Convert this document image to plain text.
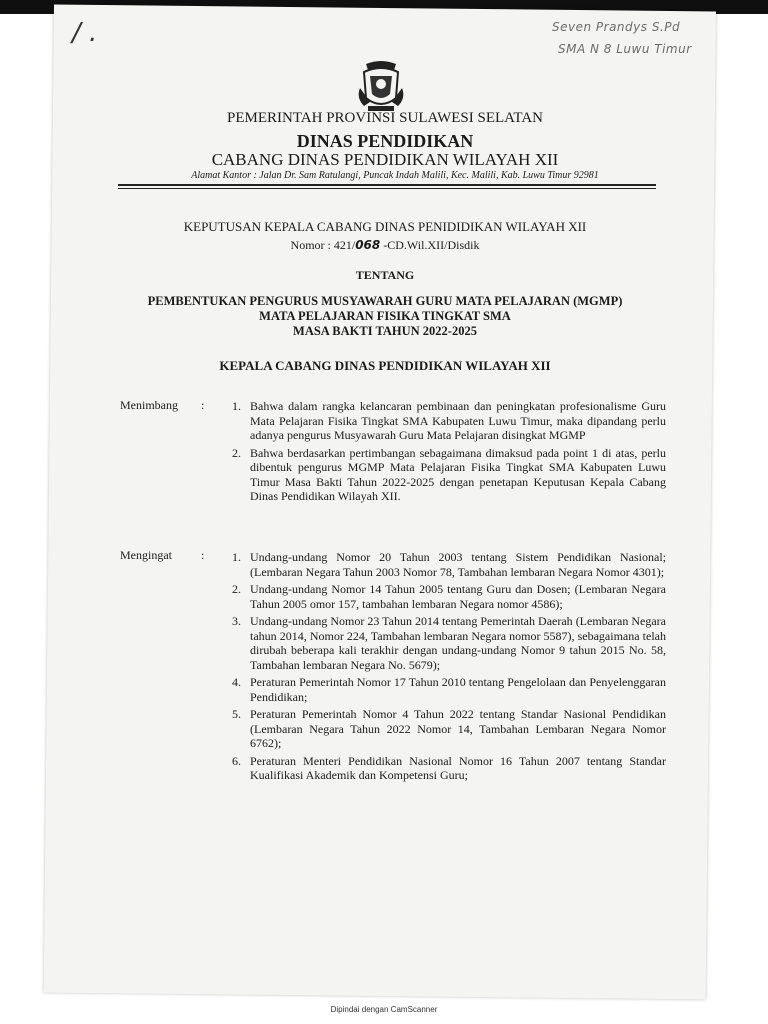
/ .	Seven Prandys S.Pd
SMA N 8 Luwu Timur
PEMERINTAH PROVINSI SULAWESI SELATAN
DINAS PENDIDIKAN
CABANG DINAS PENDIDIKAN WILAYAH XII
Alamat Kantor : Jalan Dr. Sam Ratulangi, Puncak Indah Malili, Kec. Malili, Kab. Luwu Timur 92981
KEPUTUSAN KEPALA CABANG DINAS PENIDIDIKAN WILAYAH XII
Nomor : 421/068 -CD.Wil.XII/Disdik
TENTANG
PEMBENTUKAN PENGURUS MUSYAWARAH GURU MATA PELAJARAN (MGMP)
MATA PELAJARAN FISIKA TINGKAT SMA
MASA BAKTI TAHUN 2022-2025
KEPALA CABANG DINAS PENDIDIKAN WILAYAH XII
Menimbang :	1. Bahwa dalam rangka kelancaran pembinaan dan peningkatan profesionalisme Guru Mata Pelajaran Fisika Tingkat SMA Kabupaten Luwu Timur, maka dipandang perlu adanya pengurus Musyawarah Guru Mata Pelajaran disingkat MGMP
2. Bahwa berdasarkan pertimbangan sebagaimana dimaksud pada point 1 di atas, perlu dibentuk pengurus MGMP Mata Pelajaran Fisika Tingkat SMA Kabupaten Luwu Timur Masa Bakti Tahun 2022-2025 dengan penetapan Keputusan Kepala Cabang Dinas Pendidikan Wilayah XII.
Mengingat :	1. Undang-undang Nomor 20 Tahun 2003 tentang Sistem Pendidikan Nasional; (Lembaran Negara Tahun 2003 Nomor 78, Tambahan lembaran Negara Nomor 4301);
2. Undang-undang Nomor 14 Tahun 2005 tentang Guru dan Dosen; (Lembaran Negara Tahun 2005 omor 157, tambahan lembaran Negara nomor 4586);
3. Undang-undang Nomor 23 Tahun 2014 tentang Pemerintah Daerah (Lembaran Negara tahun 2014, Nomor 224, Tambahan lembaran Negara nomor 5587), sebagaimana telah dirubah beberapa kali terakhir dengan undang-undang Nomor 9 tahun 2015 No. 58, Tambahan lembaran Negara No. 5679);
4. Peraturan Pemerintah Nomor 17 Tahun 2010 tentang Pengelolaan dan Penyelenggaran Pendidikan;
5. Peraturan Pemerintah Nomor 4 Tahun 2022 tentang Standar Nasional Pendidikan (Lembaran Negara Tahun 2022 Nomor 14, Tambahan Lembaran Negara Nomor 6762);
6. Peraturan Menteri Pendidikan Nasional Nomor 16 Tahun 2007 tentang Standar Kualifikasi Akademik dan Kompetensi Guru;
Dipindai dengan CamScanner
